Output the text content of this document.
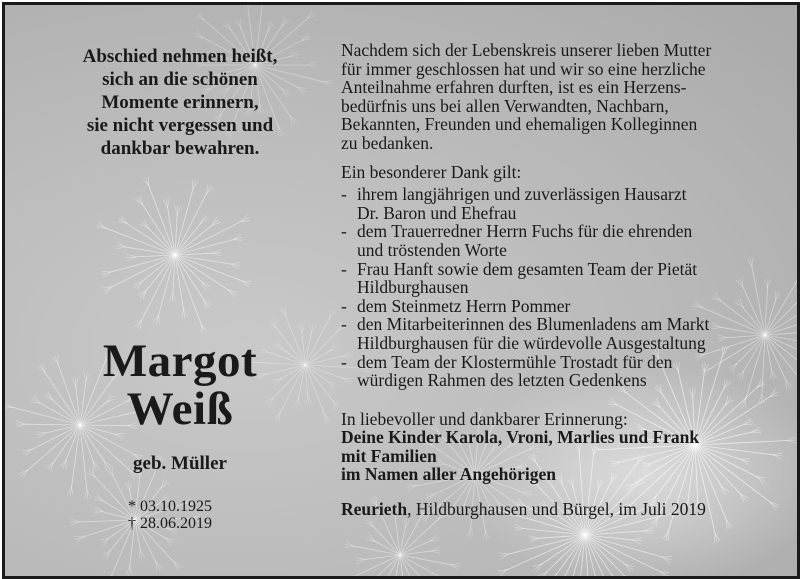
Abschied nehmen heißt,
sich an die schönen
Momente erinnern,
sie nicht vergessen und
dankbar bewahren.
Margot
Weiß
geb. Müller
* 03.10.1925
† 28.06.2019

Nachdem sich der Lebenskreis unserer lieben Mutter

für immer geschlossen hat und wir so eine herzliche

Anteilnahme erfahren durften, ist es ein Herzens-

bedürfnis uns bei allen Verwandten, Nachbarn,

Bekannten, Freunden und ehemaligen Kolleginnen

zu bedanken.

Ein besonderer Dank gilt:

- ihrem langjährigen und zuverlässigen Hausarzt
Dr. Baron und Ehefrau
- dem Trauerredner Herrn Fuchs für die ehrenden
und tröstenden Worte
- Frau Hanft sowie dem gesamten Team der Pietät
Hildburghausen
- dem Steinmetz Herrn Pommer
- den Mitarbeiterinnen des Blumenladens am Markt
Hildburghausen für die würdevolle Ausgestaltung
- dem Team der Klostermühle Trostadt für den
würdigen Rahmen des letzten Gedenkens

In liebevoller und dankbarer Erinnerung:

Deine Kinder Karola, Vroni, Marlies und Frank

mit Familien

im Namen aller Angehörigen

Reurieth, Hildburghausen und Bürgel, im Juli 2019
